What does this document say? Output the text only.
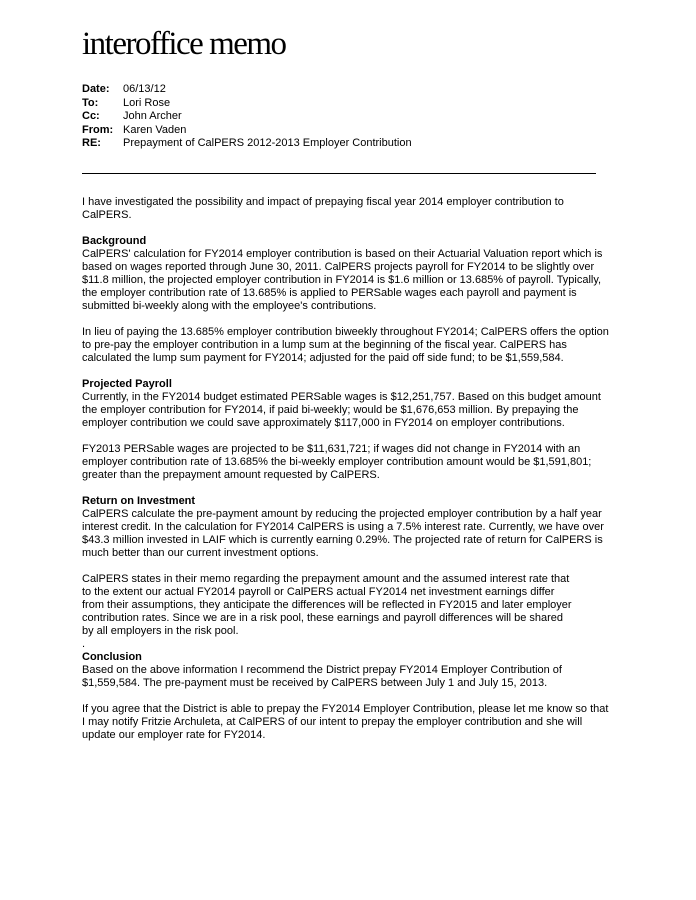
interoffice memo
Date:	06/13/12
To:	Lori Rose
Cc:	John Archer
From: Karen Vaden
RE:	Prepayment of CalPERS 2012-2013 Employer Contribution

I have investigated the possibility and impact of prepaying fiscal year 2014 employer contribution to CalPERS.

Background

CalPERS' calculation for FY2014 employer contribution is based on their Actuarial Valuation report which is based on wages reported through June 30, 2011. CalPERS projects payroll for FY2014 to be slightly over $11.8 million, the projected employer contribution in FY2014 is $1.6 million or 13.685% of payroll. Typically, the employer contribution rate of 13.685% is applied to PERSable wages each payroll and payment is submitted bi-weekly along with the employee's contributions.

In lieu of paying the 13.685% employer contribution biweekly throughout FY2014; CalPERS offers the option to pre-pay the employer contribution in a lump sum at the beginning of the fiscal year. CalPERS has calculated the lump sum payment for FY2014; adjusted for the paid off side fund; to be $1,559,584.

Projected Payroll

Currently, in the FY2014 budget estimated PERSable wages is $12,251,757. Based on this budget amount the employer contribution for FY2014, if paid bi-weekly; would be $1,676,653 million. By prepaying the employer contribution we could save approximately $117,000 in FY2014 on employer contributions.

FY2013 PERSable wages are projected to be $11,631,721; if wages did not change in FY2014 with an employer contribution rate of 13.685% the bi-weekly employer contribution amount would be $1,591,801; greater than the prepayment amount requested by CalPERS.

Return on Investment

CalPERS calculate the pre-payment amount by reducing the projected employer contribution by a half year interest credit. In the calculation for FY2014 CalPERS is using a 7.5% interest rate. Currently, we have over $43.3 million invested in LAIF which is currently earning 0.29%. The projected rate of return for CalPERS is much better than our current investment options.

CalPERS states in their memo regarding the prepayment amount and the assumed interest rate that
to the extent our actual FY2014 payroll or CalPERS actual FY2014 net investment earnings differ
from their assumptions, they anticipate the differences will be reflected in FY2015 and later employer
contribution rates. Since we are in a risk pool, these earnings and payroll differences will be shared
by all employers in the risk pool.

.
Conclusion

Based on the above information I recommend the District prepay FY2014 Employer Contribution of $1,559,584. The pre-payment must be received by CalPERS between July 1 and July 15, 2013.

If you agree that the District is able to prepay the FY2014 Employer Contribution, please let me know so that I may notify Fritzie Archuleta, at CalPERS of our intent to prepay the employer contribution and she will update our employer rate for FY2014.
